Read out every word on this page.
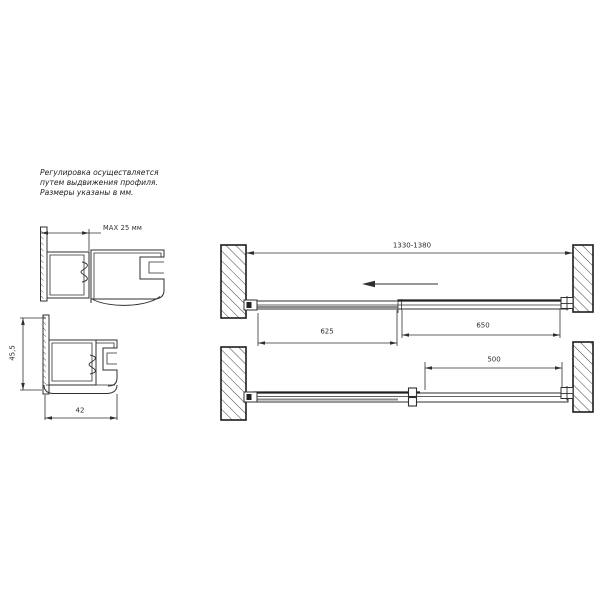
Регулировка осуществляется
путем выдвижения профиля.
Размеры указаны в мм.
MAX 25 мм
45,5
42
1330-1380
625
650
500
